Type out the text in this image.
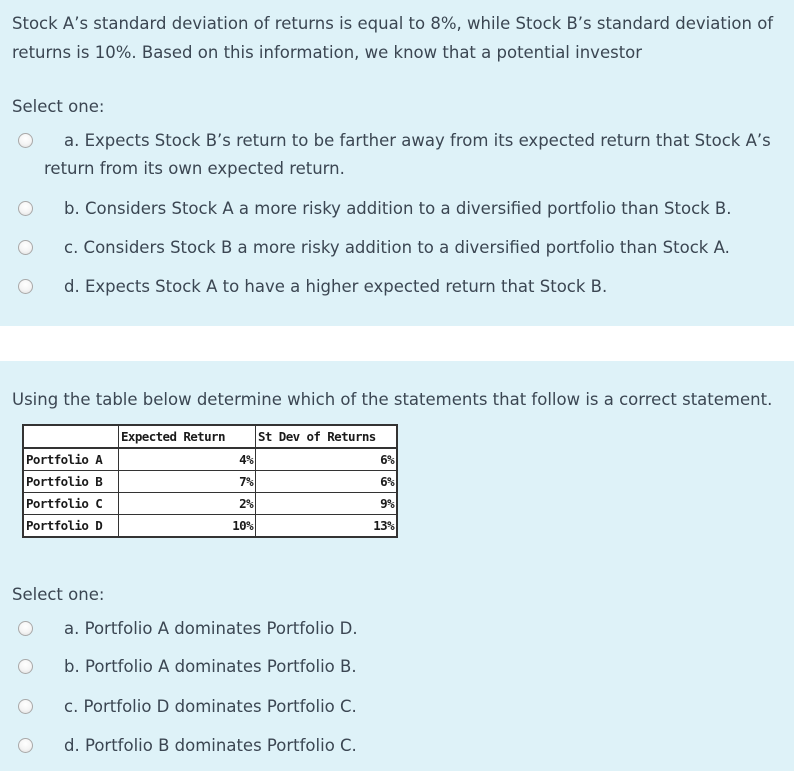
Stock A’s standard deviation of returns is equal to 8%, while Stock B’s standard deviation of returns is 10%. Based on this information, we know that a potential investor
Select one:
a. Expects Stock B’s return to be farther away from its expected return that Stock A’s return from its own expected return.
b. Considers Stock A a more risky addition to a diversified portfolio than Stock B.
c. Considers Stock B a more risky addition to a diversified portfolio than Stock A.
d. Expects Stock A to have a higher expected return that Stock B.
Using the table below determine which of the statements that follow is a correct statement.
Select one:
a. Portfolio A dominates Portfolio D.
b. Portfolio A dominates Portfolio B.
c. Portfolio D dominates Portfolio C.
d. Portfolio B dominates Portfolio C.
	Expected Return	St Dev of Returns
Portfolio A	4%	6%
Portfolio B	7%	6%
Portfolio C	2%	9%
Portfolio D	10%	13%
